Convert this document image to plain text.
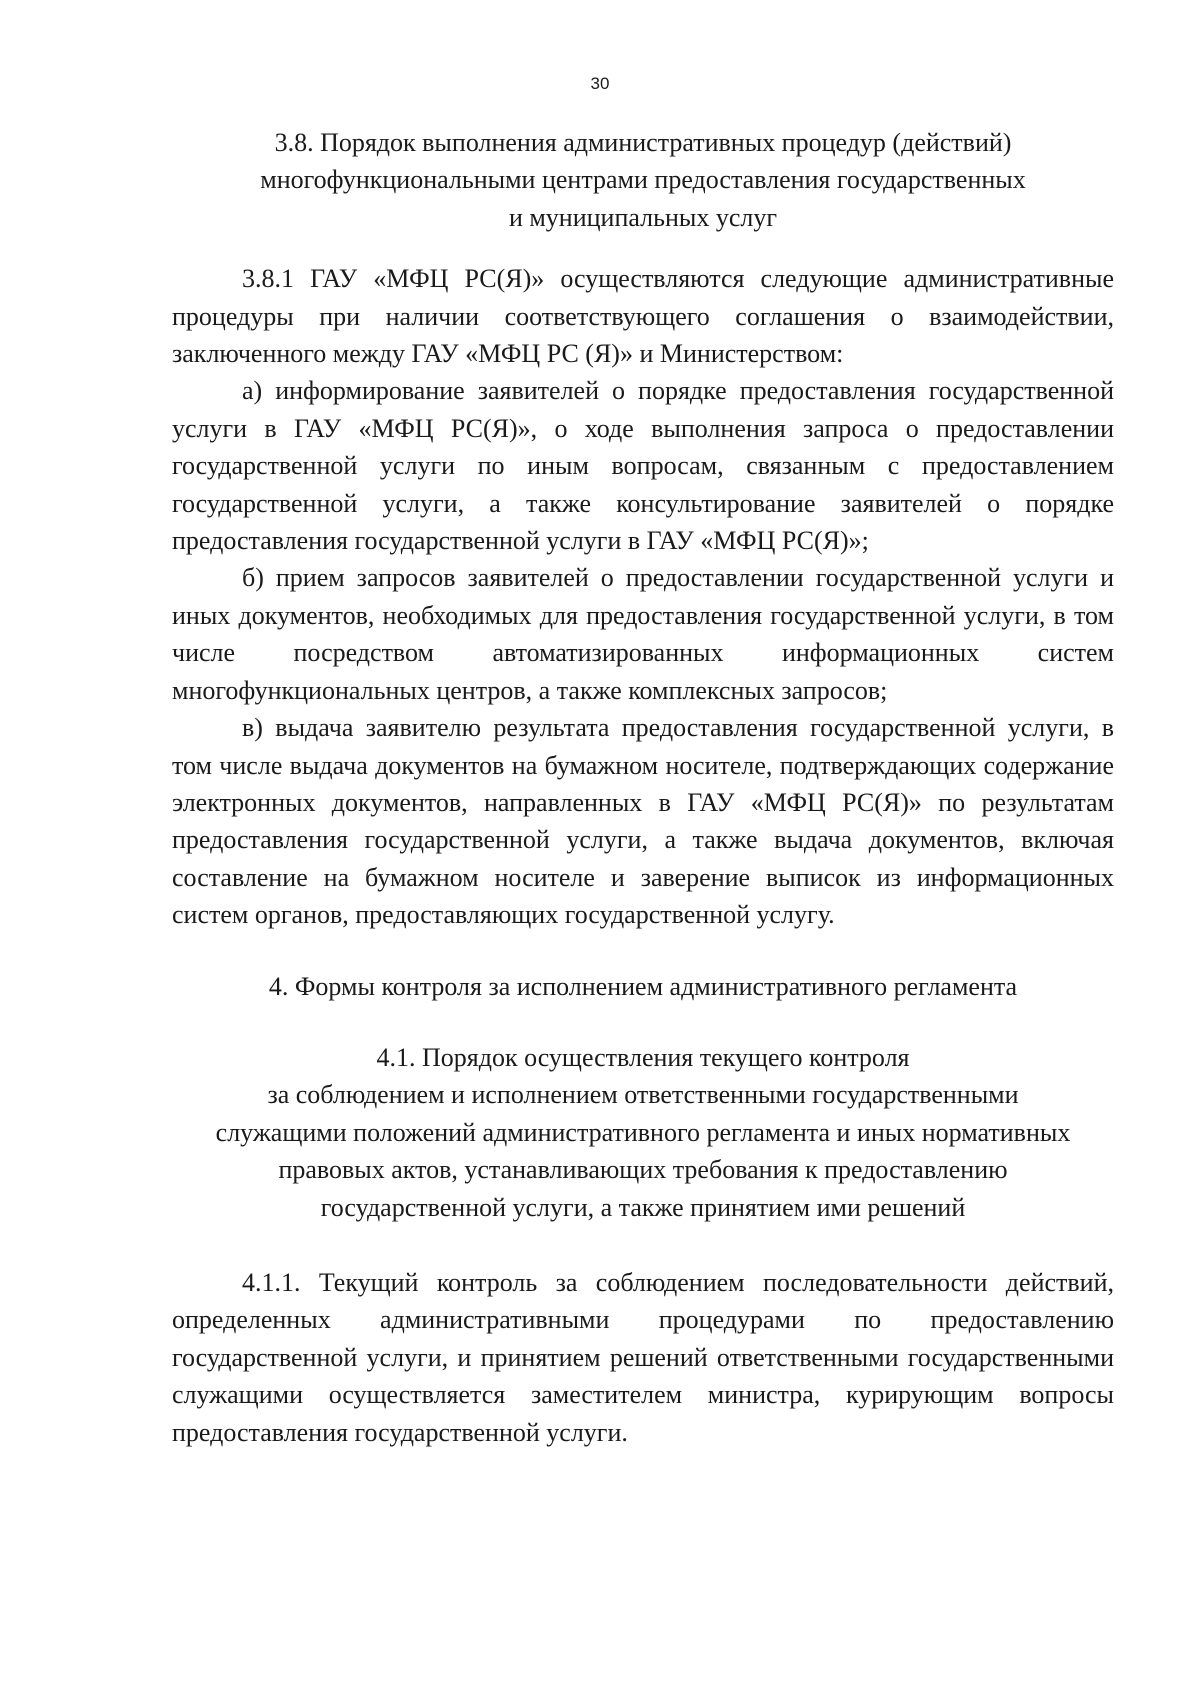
30
3.8. Порядок выполнения административных процедур (действий)
многофункциональными центрами предоставления государственных
и муниципальных услуг

3.8.1 ГАУ «МФЦ РС(Я)» осуществляются следующие административные процедуры при наличии соответствующего соглашения о взаимодействии, заключенного между ГАУ «МФЦ РС (Я)» и Министерством:

а) информирование заявителей о порядке предоставления государственной услуги в ГАУ «МФЦ РС(Я)», о ходе выполнения запроса о предоставлении государственной услуги по иным вопросам, связанным с предоставлением государственной услуги, а также консультирование заявителей о порядке предоставления государственной услуги в ГАУ «МФЦ РС(Я)»;

б) прием запросов заявителей о предоставлении государственной услуги и иных документов, необходимых для предоставления государственной услуги, в том числе посредством автоматизированных информационных систем многофункциональных центров, а также комплексных запросов;

в) выдача заявителю результата предоставления государственной услуги, в том числе выдача документов на бумажном носителе, подтверждающих содержание электронных документов, направленных в ГАУ «МФЦ РС(Я)» по результатам предоставления государственной услуги, а также выдача документов, включая составление на бумажном носителе и заверение выписок из информационных систем органов, предоставляющих государственной услугу.

4. Формы контроля за исполнением административного регламента
4.1. Порядок осуществления текущего контроля
за соблюдением и исполнением ответственными государственными
служащими положений административного регламента и иных нормативных
правовых актов, устанавливающих требования к предоставлению
государственной услуги, а также принятием ими решений

4.1.1. Текущий контроль за соблюдением последовательности действий, определенных административными процедурами по предоставлению государственной услуги, и принятием решений ответственными государственными служащими осуществляется заместителем министра, курирующим вопросы предоставления государственной услуги.
